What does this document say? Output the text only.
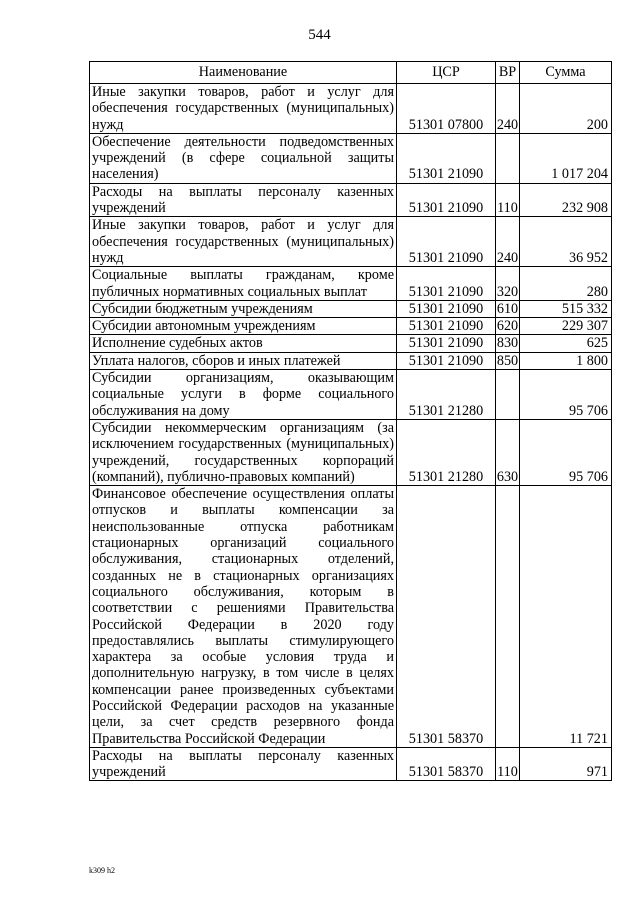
544
Наименование	ЦСР	ВР	Сумма
Иные закупки товаров, работ и услуг для обеспечения государственных (муниципальных) нужд	51301 07800	240	200
Обеспечение деятельности подведомственных учреждений (в сфере социальной защиты населения)	51301 21090		1 017 204
Расходы на выплаты персоналу казенных учреждений	51301 21090	110	232 908
Иные закупки товаров, работ и услуг для обеспечения государственных (муниципальных) нужд	51301 21090	240	36 952
Социальные выплаты гражданам, кроме публичных нормативных социальных выплат	51301 21090	320	280
Субсидии бюджетным учреждениям	51301 21090	610	515 332
Субсидии автономным учреждениям	51301 21090	620	229 307
Исполнение судебных актов	51301 21090	830	625
Уплата налогов, сборов и иных платежей	51301 21090	850	1 800
Субсидии организациям, оказывающим социальные услуги в форме социального обслуживания на дому	51301 21280		95 706
Субсидии некоммерческим организациям (за исключением государственных (муниципальных) учреждений, государственных корпораций (компаний), публично-правовых компаний)	51301 21280	630	95 706
Финансовое обеспечение осуществления оплаты отпусков и выплаты компенсации за неиспользованные отпуска работникам стационарных организаций социального обслуживания, стационарных отделений, созданных не в стационарных организациях социального обслуживания, которым в соответствии с решениями Правительства Российской Федерации в 2020 году предоставлялись выплаты стимулирующего характера за особые условия труда и дополнительную нагрузку, в том числе в целях компенсации ранее произведенных субъектами Российской Федерации расходов на указанные цели, за счет средств резервного фонда Правительства Российской Федерации	51301 58370		11 721
Расходы на выплаты персоналу казенных учреждений	51301 58370	110	971
k309 h2
